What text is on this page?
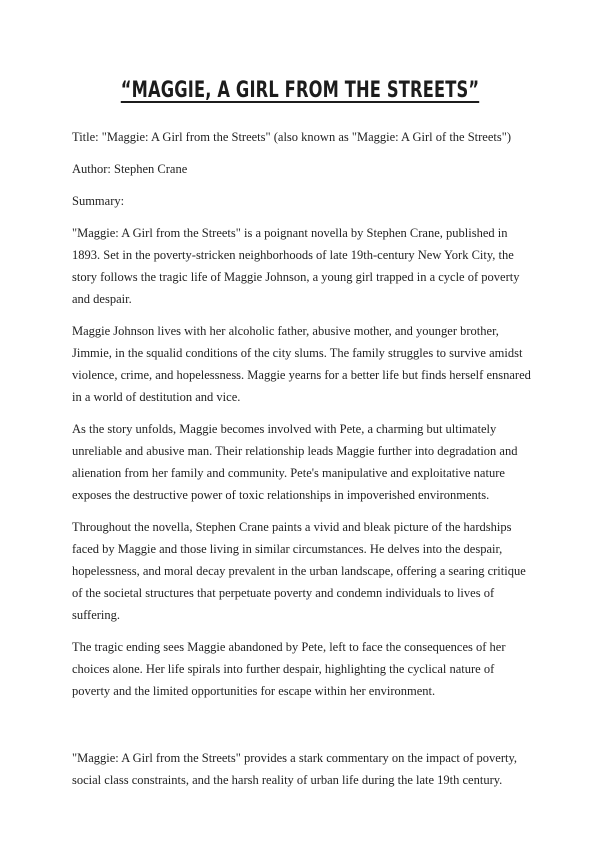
“MAGGIE, A GIRL FROM THE STREETS”

Title: "Maggie: A Girl from the Streets" (also known as "Maggie: A Girl of the Streets")

Author: Stephen Crane

Summary:

"Maggie: A Girl from the Streets" is a poignant novella by Stephen Crane, published in 1893. Set in the poverty-stricken neighborhoods of late 19th-century New York City, the story follows the tragic life of Maggie Johnson, a young girl trapped in a cycle of poverty and despair.

Maggie Johnson lives with her alcoholic father, abusive mother, and younger brother, Jimmie, in the squalid conditions of the city slums. The family struggles to survive amidst violence, crime, and hopelessness. Maggie yearns for a better life but finds herself ensnared in a world of destitution and vice.

As the story unfolds, Maggie becomes involved with Pete, a charming but ultimately unreliable and abusive man. Their relationship leads Maggie further into degradation and alienation from her family and community. Pete's manipulative and exploitative nature exposes the destructive power of toxic relationships in impoverished environments.

Throughout the novella, Stephen Crane paints a vivid and bleak picture of the hardships faced by Maggie and those living in similar circumstances. He delves into the despair, hopelessness, and moral decay prevalent in the urban landscape, offering a searing critique of the societal structures that perpetuate poverty and condemn individuals to lives of suffering.

The tragic ending sees Maggie abandoned by Pete, left to face the consequences of her choices alone. Her life spirals into further despair, highlighting the cyclical nature of poverty and the limited opportunities for escape within her environment.

"Maggie: A Girl from the Streets" provides a stark commentary on the impact of poverty, social class constraints, and the harsh reality of urban life during the late 19th century.
